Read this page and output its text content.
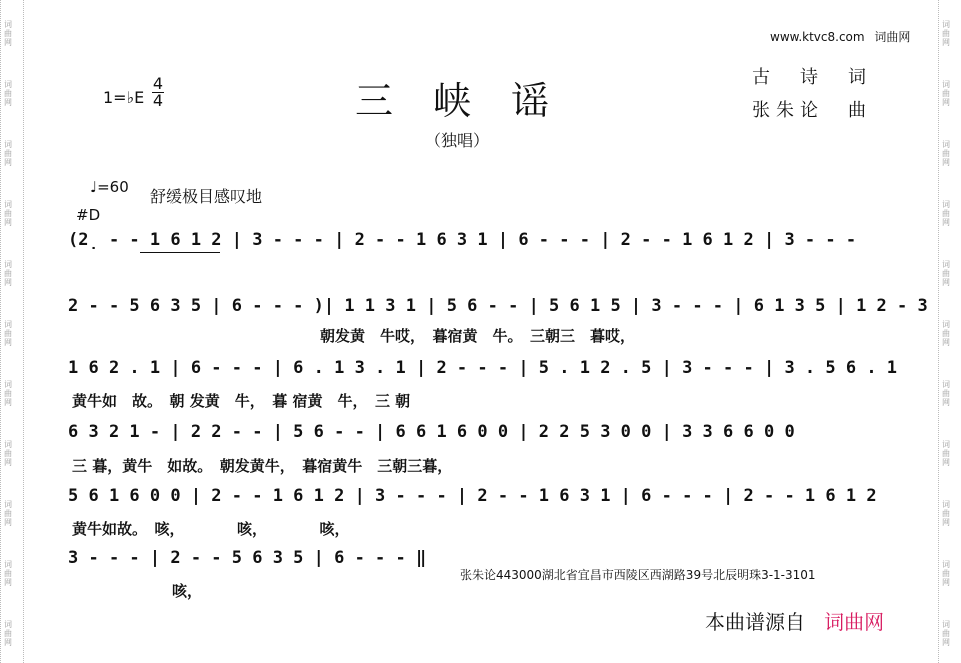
词曲网
词曲网
词曲网
词曲网
词曲网
词曲网
词曲网
词曲网
词曲网
词曲网
词曲网
词曲网
词曲网
词曲网
词曲网
词曲网
词曲网
词曲网
词曲网
词曲网
词曲网
词曲网
www.ktvc8.com 词曲网
1=♭E $\frac{4}{4}$	三 峡 谣
（独唱）
古　诗　词
张朱论　曲
♩=60 舒缓极目感叹地
#D
(2̣ - - 1 6 1 2 | 3 - - - | 2 - - 1 6 3 1 | 6 - - - | 2 - - 1 6 1 2 | 3 - - -
2 - - 5 6 3 5 | 6 - - - )| 1 1 3 1 | 5 6 - - | 5 6 1 5 | 3 - - - | 6 1 3 5 | 1 2 - 3
朝发黄　牛哎，　暮宿黄　牛。　三朝三　暮哎，
1 6 2 . 1 | 6 - - - | 6 . 1 3 . 1 | 2 - - - | 5 . 1 2 . 5 | 3 - - - | 3 . 5 6 . 1
黄牛如　故。　朝 发黄　牛，　暮 宿黄　牛，　三 朝
6 3 2 1 - | 2 2 - - | 5 6 - - | 6 6 1 6 0 0 | 2 2 5 3 0 0 | 3 3 6 6 0 0
三 暮，黄牛　如故。　朝发黄牛，　暮宿黄牛　三朝三暮，
5 6 1 6 0 0 | 2 - - 1 6 1 2 | 3 - - - | 2 - - 1 6 3 1 | 6 - - - | 2 - - 1 6 1 2
黄牛如故。　咳，　　　　咳，　　　　咳，
3 - - - | 2 - - 5 6 3 5 | 6 - - - ‖
咳，
张朱论443000湖北省宜昌市西陵区西湖路39号北辰明珠3-1-3101
本曲谱源自 词曲网
